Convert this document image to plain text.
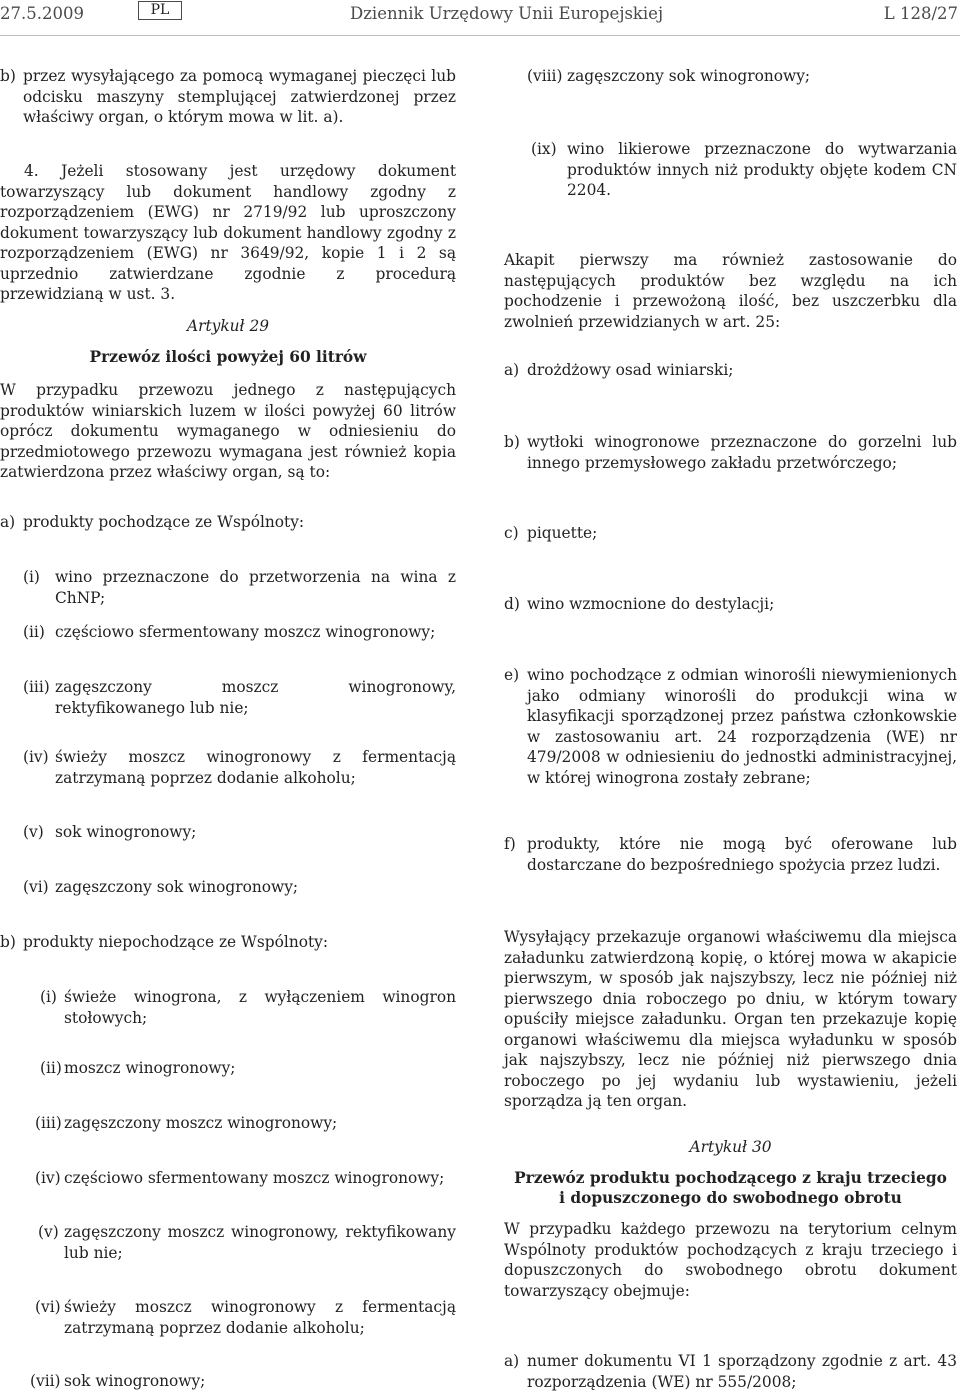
27.5.2009	PL	Dziennik Urzędowy Unii Europejskiej	L 128/27
b) przez wysyłającego za pomocą wymaganej pieczęci lub odcisku maszyny stemplującej zatwierdzonej przez właściwy organ, o którym mowa w lit. a).
4. Jeżeli stosowany jest urzędowy dokument towarzyszący lub dokument handlowy zgodny z rozporządzeniem (EWG) nr 2719/92 lub uproszczony dokument towarzyszący lub dokument handlowy zgodny z rozporządzeniem (EWG) nr 3649/92, kopie 1 i 2 są uprzednio zatwierdzane zgodnie z procedurą przewidzianą w ust. 3.
Artykuł 29
Przewóz ilości powyżej 60 litrów
W przypadku przewozu jednego z następujących produktów winiarskich luzem w ilości powyżej 60 litrów oprócz dokumentu wymaganego w odniesieniu do przedmiotowego przewozu wymagana jest również kopia zatwierdzona przez właściwy organ, są to:
a) produkty pochodzące ze Wspólnoty:
(i) wino przeznaczone do przetworzenia na wina z ChNP;
(ii) częściowo sfermentowany moszcz winogronowy;
(iii) zagęszczony moszcz winogronowy, rektyfikowanego lub nie;
(iv) świeży moszcz winogronowy z fermentacją zatrzymaną poprzez dodanie alkoholu;
(v) sok winogronowy;
(vi) zagęszczony sok winogronowy;
b) produkty niepochodzące ze Wspólnoty:
(i) świeże winogrona, z wyłączeniem winogron stołowych;
(ii) moszcz winogronowy;
(iii) zagęszczony moszcz winogronowy;
(iv) częściowo sfermentowany moszcz winogronowy;
(v) zagęszczony moszcz winogronowy, rektyfikowany lub nie;
(vi) świeży moszcz winogronowy z fermentacją zatrzymaną poprzez dodanie alkoholu;
(vii) sok winogronowy;
(viii) zagęszczony sok winogronowy;
(ix) wino likierowe przeznaczone do wytwarzania produktów innych niż produkty objęte kodem CN 2204.
Akapit pierwszy ma również zastosowanie do następujących produktów bez względu na ich pochodzenie i przewożoną ilość, bez uszczerbku dla zwolnień przewidzianych w art. 25:
a) drożdżowy osad winiarski;
b) wytłoki winogronowe przeznaczone do gorzelni lub innego przemysłowego zakładu przetwórczego;
c) piquette;
d) wino wzmocnione do destylacji;
e) wino pochodzące z odmian winorośli niewymienionych jako odmiany winorośli do produkcji wina w klasyfikacji sporządzonej przez państwa członkowskie w zastosowaniu art. 24 rozporządzenia (WE) nr 479/2008 w odniesieniu do jednostki administracyjnej, w której winogrona zostały zebrane;
f) produkty, które nie mogą być oferowane lub dostarczane do bezpośredniego spożycia przez ludzi.
Wysyłający przekazuje organowi właściwemu dla miejsca załadunku zatwierdzoną kopię, o której mowa w akapicie pierwszym, w sposób jak najszybszy, lecz nie później niż pierwszego dnia roboczego po dniu, w którym towary opuściły miejsce załadunku. Organ ten przekazuje kopię organowi właściwemu dla miejsca wyładunku w sposób jak najszybszy, lecz nie później niż pierwszego dnia roboczego po jej wydaniu lub wystawieniu, jeżeli sporządza ją ten organ.
Artykuł 30
Przewóz produktu pochodzącego z kraju trzeciego
i dopuszczonego do swobodnego obrotu
W przypadku każdego przewozu na terytorium celnym Wspólnoty produktów pochodzących z kraju trzeciego i dopuszczonych do swobodnego obrotu dokument towarzyszący obejmuje:
a) numer dokumentu VI 1 sporządzony zgodnie z art. 43 rozporządzenia (WE) nr 555/2008;
